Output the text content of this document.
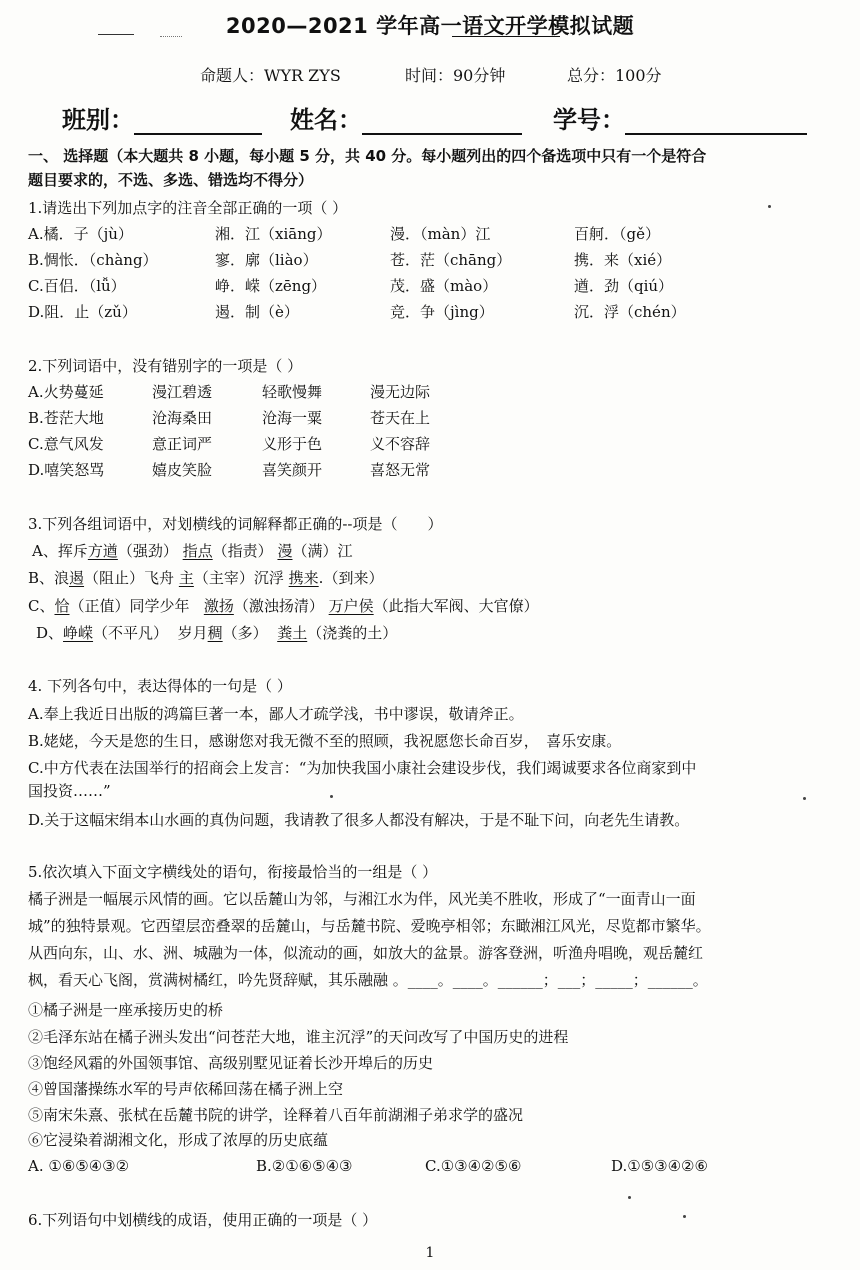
2020—2021 学年高一语文开学模拟试题
命题人：WYR ZYS	时间：90分钟	总分：100分
班别：	姓名：	学号：
一、 选择题（本大题共 8 小题，每小题 5 分，共 40 分。每小题列出的四个备选项中只有一个是符合
题目要求的，不选、多选、错选均不得分）
1.请选出下列加点字的注音全部正确的一项（ ）
A.橘．子（jù）	湘．江（xiāng）	漫．（màn）江	百舸．（gě）
B.惆怅．（chàng）	寥．廓（liào）	苍．茫（chāng）	携．来（xié）
C.百侣．（lǚ）	峥．嵘（zēng）	茂．盛（mào）	遒．劲（qiú）
D.阻．止（zǔ）	遏．制（è）	竞．争（jìng）	沉．浮（chén）
2.下列词语中，没有错别字的一项是（ ）
A.火势蔓延	漫江碧透	轻歌慢舞	漫无边际
B.苍茫大地	沧海桑田	沧海一粟	苍天在上
C.意气风发	意正词严	义形于色	义不容辞
D.嘻笑怒骂	嬉皮笑脸	喜笑颜开	喜怒无常
3.下列各组词语中，对划横线的词解释都正确的--项是（　　）
A、挥斥方遒（强劲） 指点（指责） 漫（满）江
B、浪遏（阻止）飞舟 主（主宰）沉浮 携来.（到来）
C、恰（正值）同学少年 激扬（激浊扬清） 万户侯（此指大军阀、大官僚）
D、峥嵘（不平凡） 岁月稠（多） 粪土（浇粪的土）
4. 下列各句中，表达得体的一句是（ ）
A.奉上我近日出版的鸿篇巨著一本，鄙人才疏学浅，书中谬误，敬请斧正。
B.姥姥，今天是您的生日，感谢您对我无微不至的照顾，我祝愿您长命百岁，　喜乐安康。
C.中方代表在法国举行的招商会上发言：“为加快我国小康社会建设步伐，我们竭诚要求各位商家到中
国投资……”
D.关于这幅宋绢本山水画的真伪问题，我请教了很多人都没有解决，于是不耻下问，向老先生请教。
5.依次填入下面文字横线处的语句，衔接最恰当的一组是（ ）
橘子洲是一幅展示风情的画。它以岳麓山为邻，与湘江水为伴，风光美不胜收，形成了“一面青山一面
城”的独特景观。它西望层峦叠翠的岳麓山，与岳麓书院、爱晚亭相邻；东瞰湘江风光，尽览都市繁华。
从西向东，山、水、洲、城融为一体，似流动的画，如放大的盆景。游客登洲，听渔舟唱晚，观岳麓红
枫，看天心飞阁，赏满树橘红，吟先贤辞赋，其乐融融 。____。____。______；___；_____；______。
①橘子洲是一座承接历史的桥
②毛泽东站在橘子洲头发出“问苍茫大地，谁主沉浮”的天问改写了中国历史的进程
③饱经风霜的外国领事馆、高级别墅见证着长沙开埠后的历史
④曾国藩操练水军的号声依稀回荡在橘子洲上空
⑤南宋朱熹、张栻在岳麓书院的讲学，诠释着八百年前湖湘子弟求学的盛况
⑥它浸染着湖湘文化，形成了浓厚的历史底蕴
A. ①⑥⑤④③②	B.②①⑥⑤④③	C.①③④②⑤⑥	D.①⑤③④②⑥
6.下列语句中划横线的成语，使用正确的一项是（ ）
1
